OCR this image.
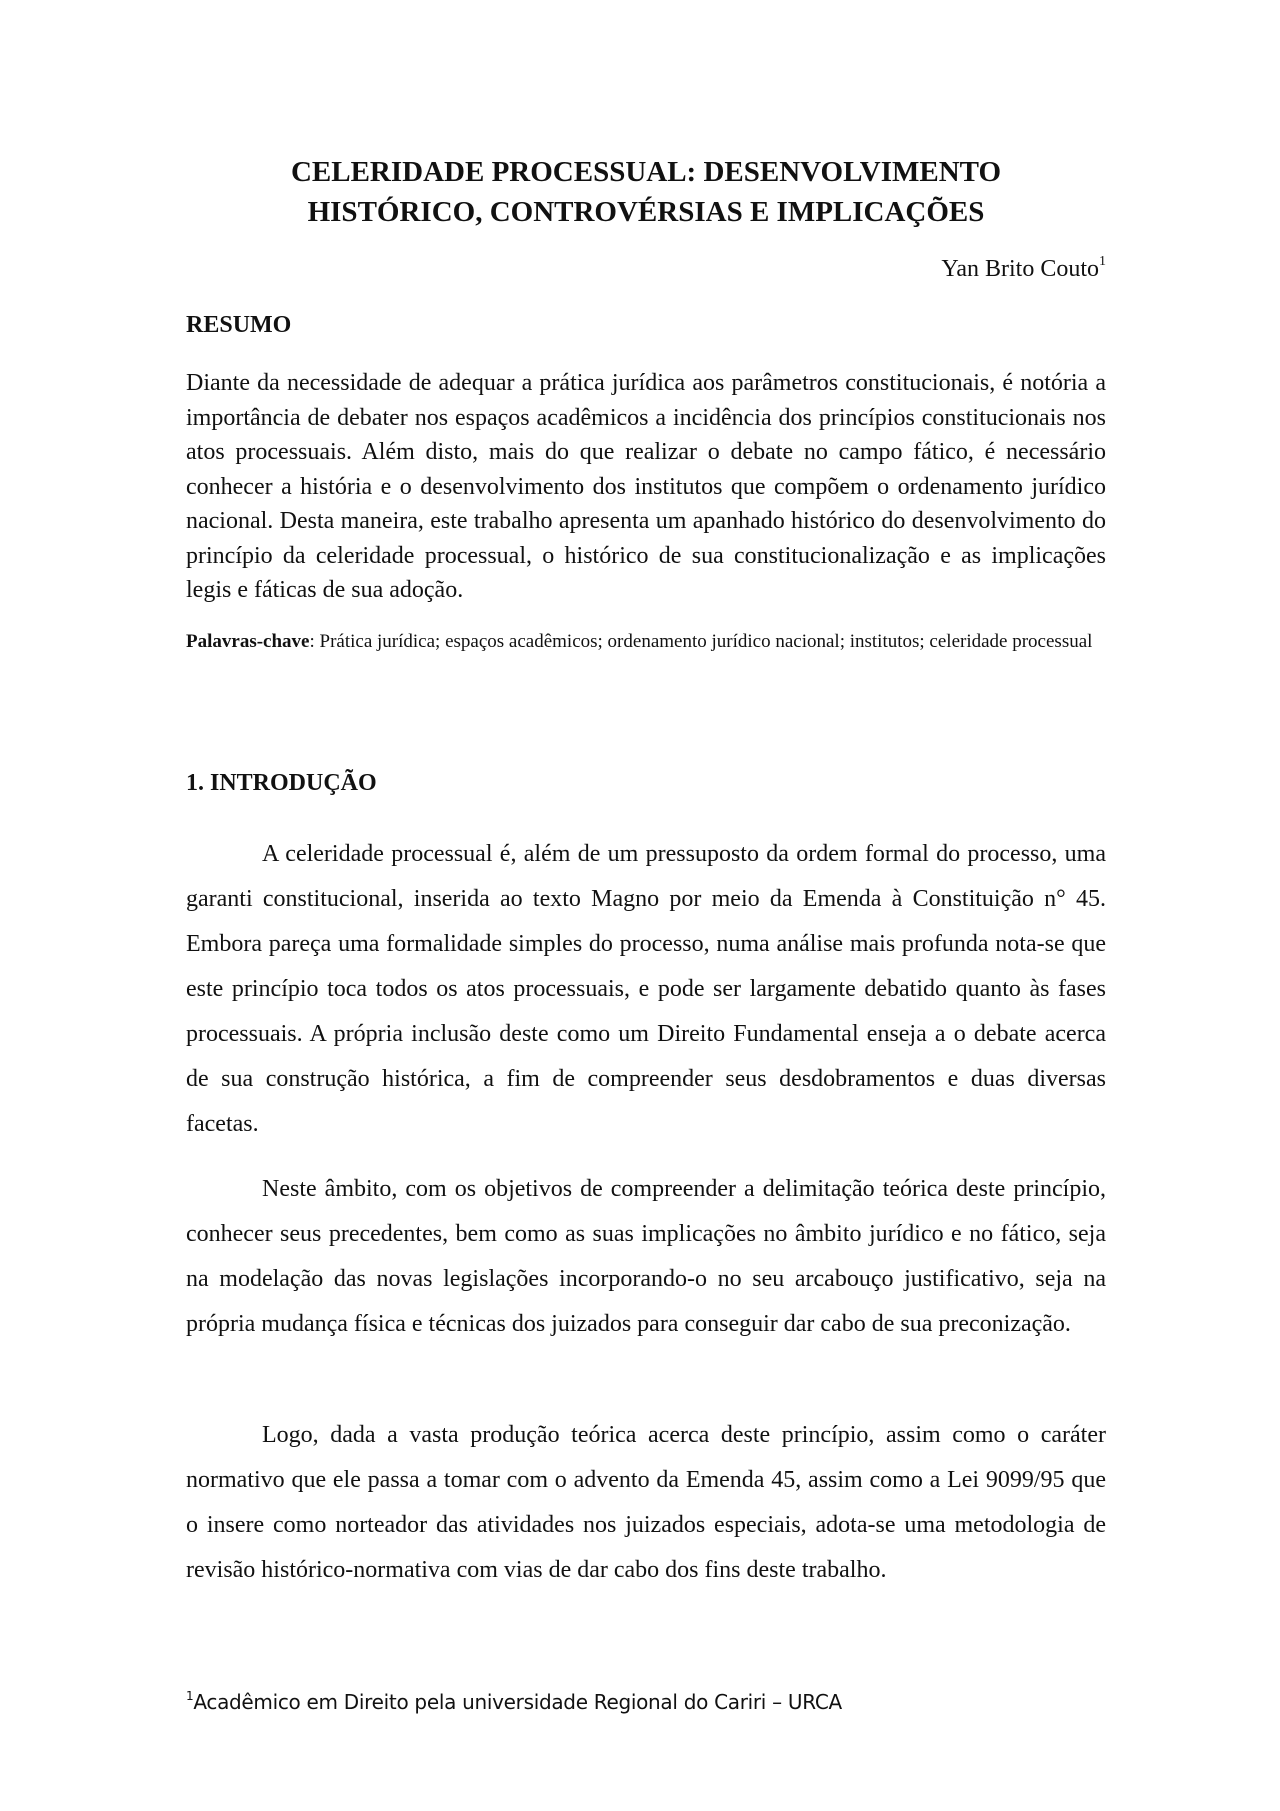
CELERIDADE PROCESSUAL: DESENVOLVIMENTO
HISTÓRICO, CONTROVÉRSIAS E IMPLICAÇÕES
Yan Brito Couto$^1$
RESUMO

Diante da necessidade de adequar a prática jurídica aos parâmetros constitucionais, é notória a importância de debater nos espaços acadêmicos a incidência dos princípios constitucionais nos atos processuais. Além disto, mais do que realizar o debate no campo fático, é necessário conhecer a história e o desenvolvimento dos institutos que compõem o ordenamento jurídico nacional. Desta maneira, este trabalho apresenta um apanhado histórico do desenvolvimento do princípio da celeridade processual, o histórico de sua constitucionalização e as implicações legis e fáticas de sua adoção.

Palavras-chave: Prática jurídica; espaços acadêmicos; ordenamento jurídico nacional; institutos; celeridade processual

1. INTRODUÇÃO

A celeridade processual é, além de um pressuposto da ordem formal do processo, uma garanti constitucional, inserida ao texto Magno por meio da Emenda à Constituição n° 45. Embora pareça uma formalidade simples do processo, numa análise mais profunda nota-se que este princípio toca todos os atos processuais, e pode ser largamente debatido quanto às fases processuais. A própria inclusão deste como um Direito Fundamental enseja a o debate acerca de sua construção histórica, a fim de compreender seus desdobramentos e duas diversas facetas.

Neste âmbito, com os objetivos de compreender a delimitação teórica deste princípio, conhecer seus precedentes, bem como as suas implicações no âmbito jurídico e no fático, seja na modelação das novas legislações incorporando-o no seu arcabouço justificativo, seja na própria mudança física e técnicas dos juizados para conseguir dar cabo de sua preconização.

Logo, dada a vasta produção teórica acerca deste princípio, assim como o caráter normativo que ele passa a tomar com o advento da Emenda 45, assim como a Lei 9099/95 que o insere como norteador das atividades nos juizados especiais, adota-se uma metodologia de revisão histórico-normativa com vias de dar cabo dos fins deste trabalho.

$^1$Acadêmico em Direito pela universidade Regional do Cariri – URCA
